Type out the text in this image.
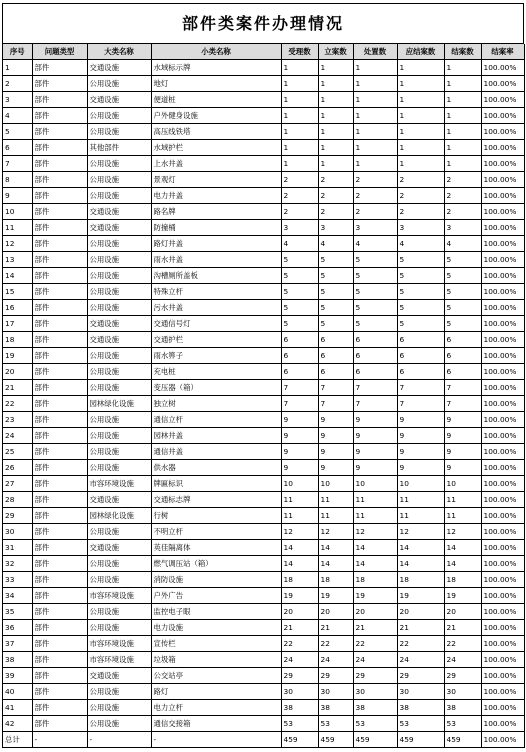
部件类案件办理情况
序号	问题类型	大类名称	小类名称	受理数	立案数	处置数	应结案数	结案数	结案率
1	部件	交通设施	水域标示牌	1	1	1	1	1	100.00%
2	部件	公用设施	地灯	1	1	1	1	1	100.00%
3	部件	交通设施	便道桩	1	1	1	1	1	100.00%
4	部件	公用设施	户外健身设施	1	1	1	1	1	100.00%
5	部件	公用设施	高压线铁塔	1	1	1	1	1	100.00%
6	部件	其他部件	水域护栏	1	1	1	1	1	100.00%
7	部件	公用设施	上水井盖	1	1	1	1	1	100.00%
8	部件	公用设施	景观灯	2	2	2	2	2	100.00%
9	部件	公用设施	电力井盖	2	2	2	2	2	100.00%
10	部件	交通设施	路名牌	2	2	2	2	2	100.00%
11	部件	交通设施	防撞桶	3	3	3	3	3	100.00%
12	部件	公用设施	路灯井盖	4	4	4	4	4	100.00%
13	部件	公用设施	雨水井盖	5	5	5	5	5	100.00%
14	部件	公用设施	沟槽厕所盖板	5	5	5	5	5	100.00%
15	部件	公用设施	特殊立杆	5	5	5	5	5	100.00%
16	部件	公用设施	污水井盖	5	5	5	5	5	100.00%
17	部件	交通设施	交通信号灯	5	5	5	5	5	100.00%
18	部件	交通设施	交通护栏	6	6	6	6	6	100.00%
19	部件	公用设施	雨水箅子	6	6	6	6	6	100.00%
20	部件	公用设施	充电桩	6	6	6	6	6	100.00%
21	部件	公用设施	变压器（箱）	7	7	7	7	7	100.00%
22	部件	园林绿化设施	独立树	7	7	7	7	7	100.00%
23	部件	公用设施	通信立杆	9	9	9	9	9	100.00%
24	部件	公用设施	园林井盖	9	9	9	9	9	100.00%
25	部件	公用设施	通信井盖	9	9	9	9	9	100.00%
26	部件	公用设施	供水器	9	9	9	9	9	100.00%
27	部件	市容环境设施	牌匾标识	10	10	10	10	10	100.00%
28	部件	交通设施	交通标志牌	11	11	11	11	11	100.00%
29	部件	园林绿化设施	行树	11	11	11	11	11	100.00%
30	部件	公用设施	不明立杆	12	12	12	12	12	100.00%
31	部件	交通设施	英佳隔离体	14	14	14	14	14	100.00%
32	部件	公用设施	燃气调压站（箱）	14	14	14	14	14	100.00%
33	部件	公用设施	消防设施	18	18	18	18	18	100.00%
34	部件	市容环境设施	户外广告	19	19	19	19	19	100.00%
35	部件	公用设施	监控电子眼	20	20	20	20	20	100.00%
36	部件	公用设施	电力设施	21	21	21	21	21	100.00%
37	部件	市容环境设施	宣传栏	22	22	22	22	22	100.00%
38	部件	市容环境设施	垃圾箱	24	24	24	24	24	100.00%
39	部件	交通设施	公交站亭	29	29	29	29	29	100.00%
40	部件	公用设施	路灯	30	30	30	30	30	100.00%
41	部件	公用设施	电力立杆	38	38	38	38	38	100.00%
42	部件	公用设施	通信交接箱	53	53	53	53	53	100.00%
总计	-	-	-	459	459	459	459	459	100.00%
